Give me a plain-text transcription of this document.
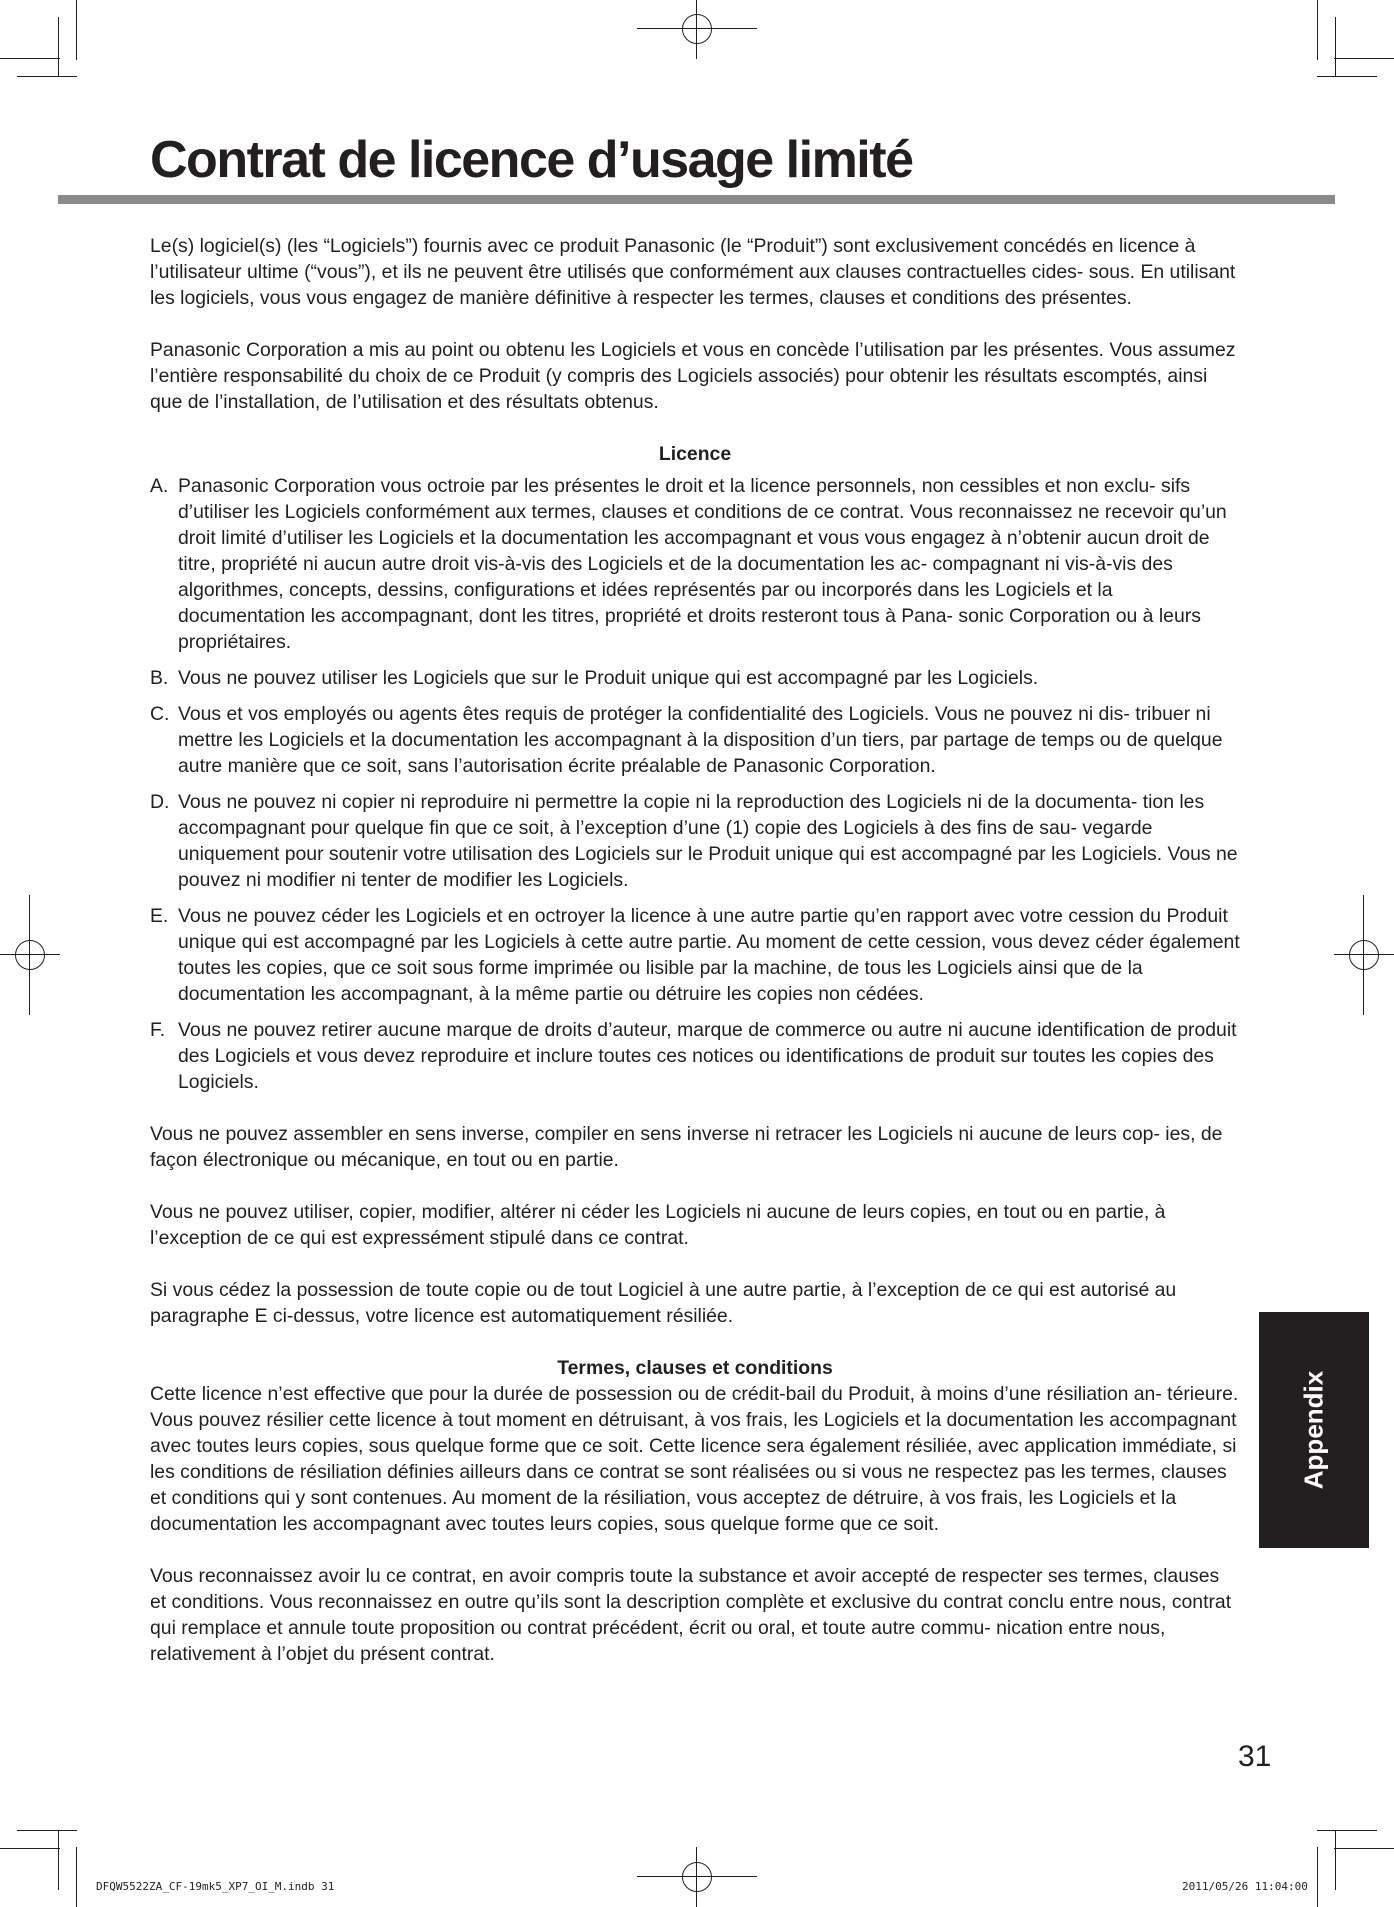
Contrat de licence d’usage limité

Le(s) logiciel(s) (les “Logiciels”) fournis avec ce produit Panasonic (le “Produit”) sont exclusivement concédés en licence à l’utilisateur ultime (“vous”), et ils ne peuvent être utilisés que conformément aux clauses contractuelles cides- sous. En utilisant les logiciels, vous vous engagez de manière définitive à respecter les termes, clauses et conditions des présentes.

Panasonic Corporation a mis au point ou obtenu les Logiciels et vous en concède l’utilisation par les présentes. Vous assumez l’entière responsabilité du choix de ce Produit (y compris des Logiciels associés) pour obtenir les résultats escomptés, ainsi que de l’installation, de l’utilisation et des résultats obtenus.

Licence

A. Panasonic Corporation vous octroie par les présentes le droit et la licence personnels, non cessibles et non exclu- sifs d’utiliser les Logiciels conformément aux termes, clauses et conditions de ce contrat. Vous reconnaissez ne recevoir qu’un droit limité d’utiliser les Logiciels et la documentation les accompagnant et vous vous engagez à n’obtenir aucun droit de titre, propriété ni aucun autre droit vis-à-vis des Logiciels et de la documentation les ac- compagnant ni vis-à-vis des algorithmes, concepts, dessins, configurations et idées représentés par ou incorporés dans les Logiciels et la documentation les accompagnant, dont les titres, propriété et droits resteront tous à Pana- sonic Corporation ou à leurs propriétaires.
B. Vous ne pouvez utiliser les Logiciels que sur le Produit unique qui est accompagné par les Logiciels.
C. Vous et vos employés ou agents êtes requis de protéger la confidentialité des Logiciels. Vous ne pouvez ni dis- tribuer ni mettre les Logiciels et la documentation les accompagnant à la disposition d’un tiers, par partage de temps ou de quelque autre manière que ce soit, sans l’autorisation écrite préalable de Panasonic Corporation.
D. Vous ne pouvez ni copier ni reproduire ni permettre la copie ni la reproduction des Logiciels ni de la documenta- tion les accompagnant pour quelque fin que ce soit, à l’exception d’une (1) copie des Logiciels à des fins de sau- vegarde uniquement pour soutenir votre utilisation des Logiciels sur le Produit unique qui est accompagné par les Logiciels. Vous ne pouvez ni modifier ni tenter de modifier les Logiciels.
E. Vous ne pouvez céder les Logiciels et en octroyer la licence à une autre partie qu’en rapport avec votre cession du Produit unique qui est accompagné par les Logiciels à cette autre partie. Au moment de cette cession, vous devez céder également toutes les copies, que ce soit sous forme imprimée ou lisible par la machine, de tous les Logiciels ainsi que de la documentation les accompagnant, à la même partie ou détruire les copies non cédées.
F. Vous ne pouvez retirer aucune marque de droits d’auteur, marque de commerce ou autre ni aucune identification de produit des Logiciels et vous devez reproduire et inclure toutes ces notices ou identifications de produit sur toutes les copies des Logiciels.

Vous ne pouvez assembler en sens inverse, compiler en sens inverse ni retracer les Logiciels ni aucune de leurs cop- ies, de façon électronique ou mécanique, en tout ou en partie.

Vous ne pouvez utiliser, copier, modifier, altérer ni céder les Logiciels ni aucune de leurs copies, en tout ou en partie, à l’exception de ce qui est expressément stipulé dans ce contrat.

Si vous cédez la possession de toute copie ou de tout Logiciel à une autre partie, à l’exception de ce qui est autorisé au paragraphe E ci-dessus, votre licence est automatiquement résiliée.

Termes, clauses et conditions

Cette licence n’est effective que pour la durée de possession ou de crédit-bail du Produit, à moins d’une résiliation an- térieure. Vous pouvez résilier cette licence à tout moment en détruisant, à vos frais, les Logiciels et la documentation les accompagnant avec toutes leurs copies, sous quelque forme que ce soit. Cette licence sera également résiliée, avec application immédiate, si les conditions de résiliation définies ailleurs dans ce contrat se sont réalisées ou si vous ne respectez pas les termes, clauses et conditions qui y sont contenues. Au moment de la résiliation, vous acceptez de détruire, à vos frais, les Logiciels et la documentation les accompagnant avec toutes leurs copies, sous quelque forme que ce soit.

Vous reconnaissez avoir lu ce contrat, en avoir compris toute la substance et avoir accepté de respecter ses termes, clauses et conditions. Vous reconnaissez en outre qu’ils sont la description complète et exclusive du contrat conclu entre nous, contrat qui remplace et annule toute proposition ou contrat précédent, écrit ou oral, et toute autre commu- nication entre nous, relativement à l’objet du présent contrat.

Appendix
31
DFQW5522ZA_CF-19mk5_XP7_OI_M.indb 31	2011/05/26 11:04:00
